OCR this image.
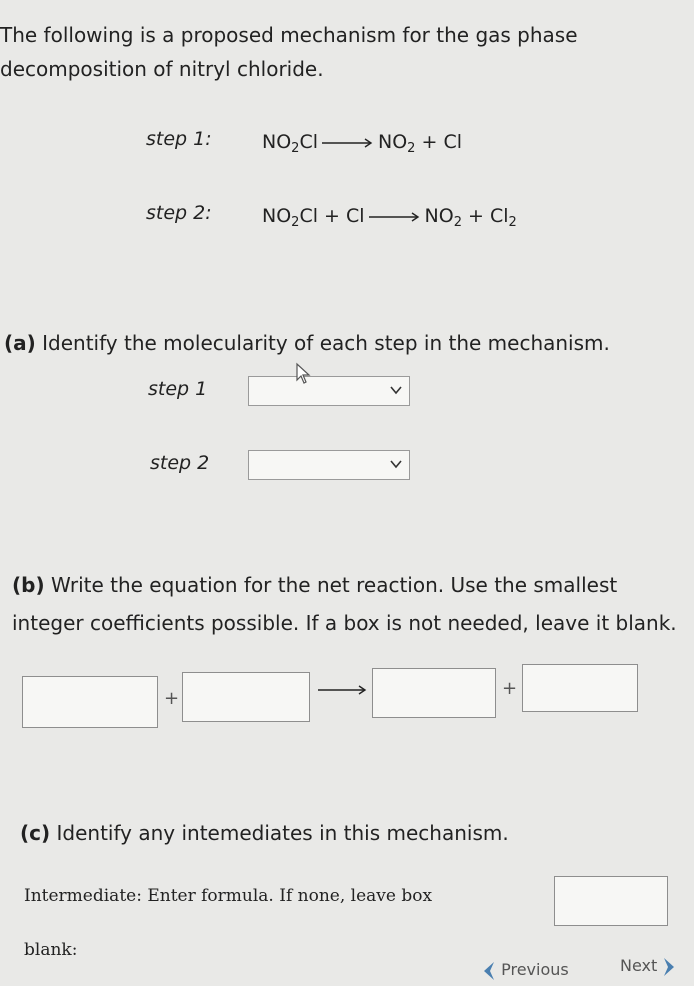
The following is a proposed mechanism for the gas phase decomposition of nitryl chloride.
step 1:	$NO_2Cl \to NO_2 + Cl$
step 2:	$NO_2Cl + Cl \to NO_2 + Cl_2$
(a) Identify the molecularity of each step in the mechanism.
step 1
step 2
(b) Write the equation for the net reaction. Use the smallest integer coefficients possible. If a box is not needed, leave it blank.
+	+
(c) Identify any intemediates in this mechanism.
Intermediate: Enter formula. If none, leave box
blank:
Previous	Next
